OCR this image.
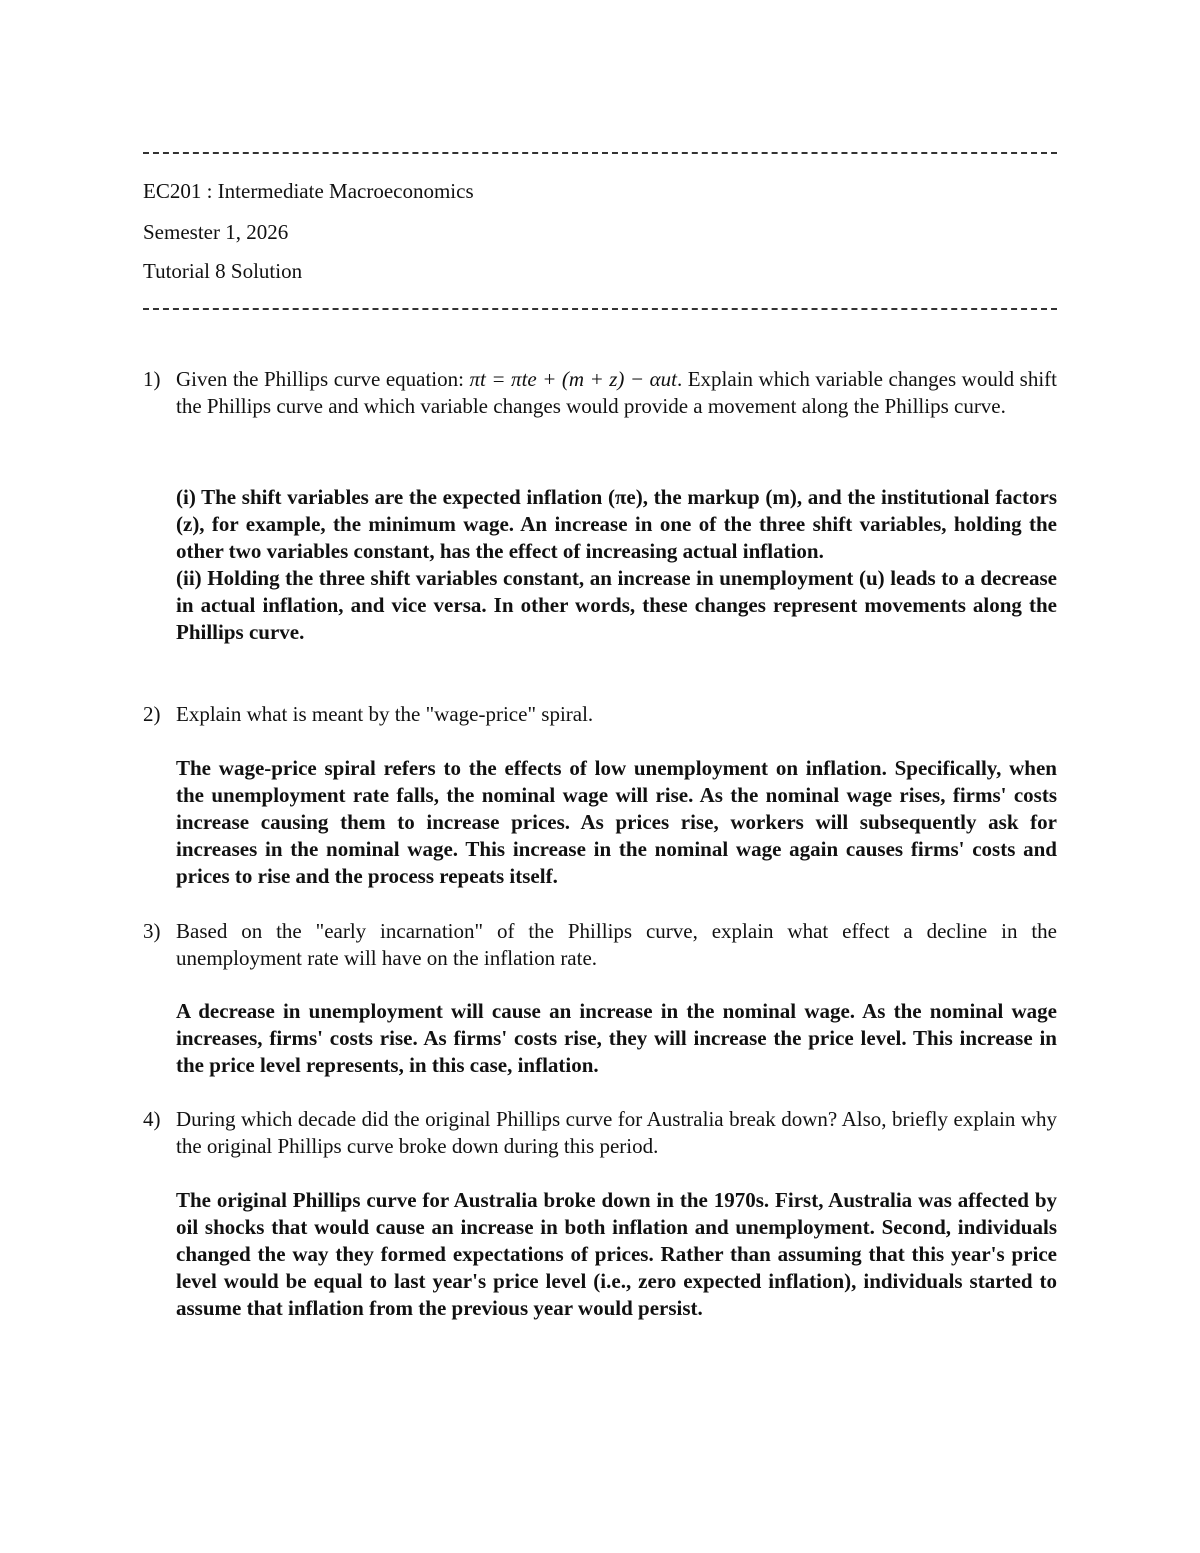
EC201 : Intermediate Macroeconomics
Semester 1, 2026
Tutorial 8 Solution
1) Given the Phillips curve equation: πt = πte + (m + z) − αut. Explain which variable changes would shift the Phillips curve and which variable changes would provide a movement along the Phillips curve.

(i) The shift variables are the expected inflation (πe), the markup (m), and the institutional factors (z), for example, the minimum wage. An increase in one of the three shift variables, holding the other two variables constant, has the effect of increasing actual inflation.

(ii) Holding the three shift variables constant, an increase in unemployment (u) leads to a decrease in actual inflation, and vice versa. In other words, these changes represent movements along the Phillips curve.

2) Explain what is meant by the "wage-price" spiral.
The wage-price spiral refers to the effects of low unemployment on inflation. Specifically, when the unemployment rate falls, the nominal wage will rise. As the nominal wage rises, firms' costs increase causing them to increase prices. As prices rise, workers will subsequently ask for increases in the nominal wage. This increase in the nominal wage again causes firms' costs and prices to rise and the process repeats itself.
3) Based on the "early incarnation" of the Phillips curve, explain what effect a decline in the unemployment rate will have on the inflation rate.
A decrease in unemployment will cause an increase in the nominal wage. As the nominal wage increases, firms' costs rise. As firms' costs rise, they will increase the price level. This increase in the price level represents, in this case, inflation.
4) During which decade did the original Phillips curve for Australia break down? Also, briefly explain why the original Phillips curve broke down during this period.
The original Phillips curve for Australia broke down in the 1970s. First, Australia was affected by oil shocks that would cause an increase in both inflation and unemployment. Second, individuals changed the way they formed expectations of prices. Rather than assuming that this year's price level would be equal to last year's price level (i.e., zero expected inflation), individuals started to assume that inflation from the previous year would persist.
